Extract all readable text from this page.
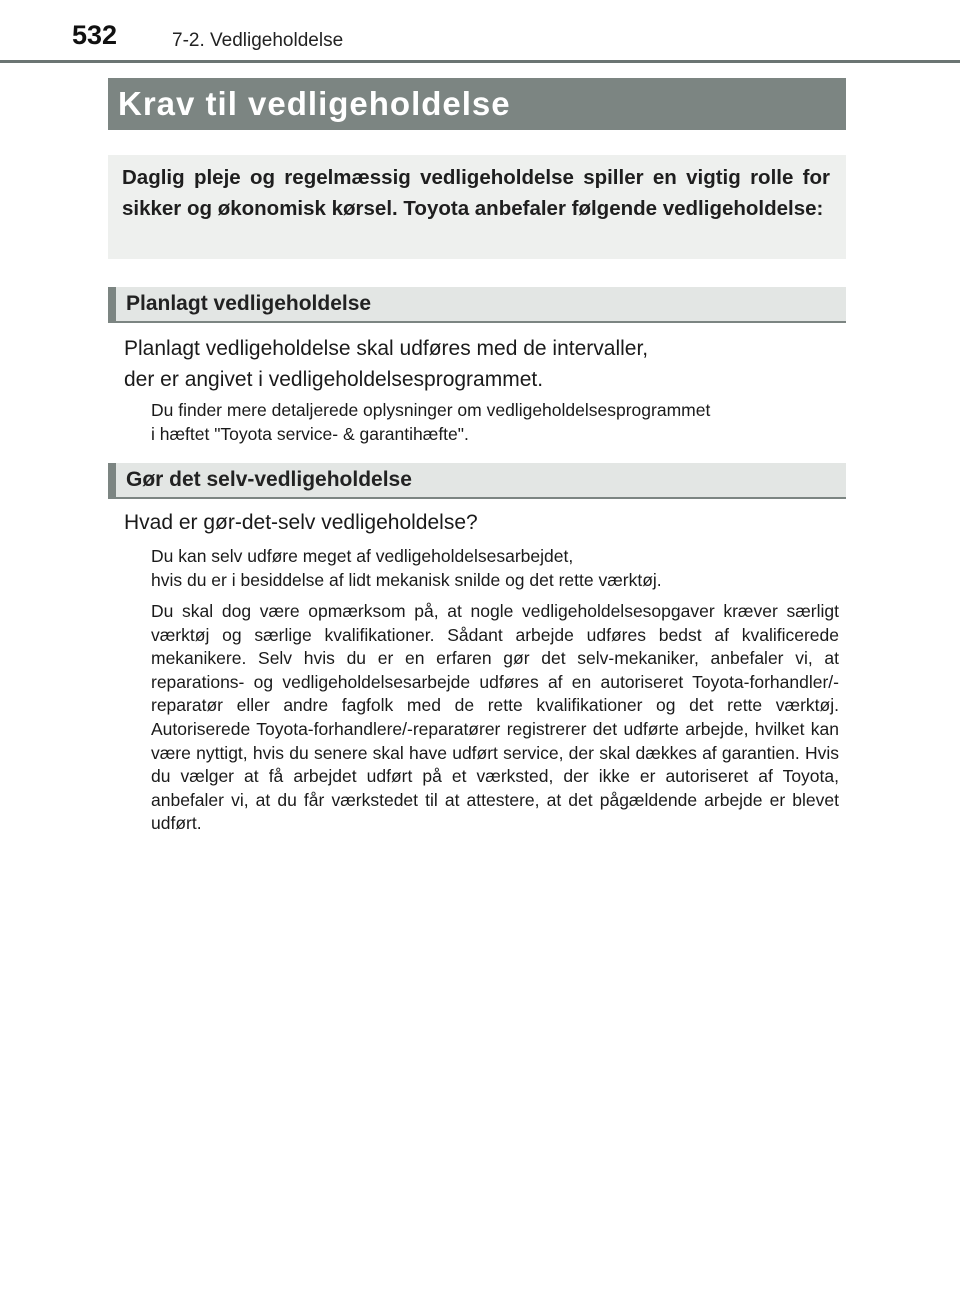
532	7-2. Vedligeholdelse
Krav til vedligeholdelse

Daglig pleje og regelmæssig vedligeholdelse spiller en vigtig rolle for sikker og økonomisk kørsel. Toyota anbefaler følgende vedligeholdelse:

Planlagt vedligeholdelse

Planlagt vedligeholdelse skal udføres med de intervaller,
der er angivet i vedligeholdelsesprogrammet.

Du finder mere detaljerede oplysninger om vedligeholdelsesprogrammet
i hæftet "Toyota service- & garantihæfte".

Gør det selv-vedligeholdelse

Hvad er gør-det-selv vedligeholdelse?

Du kan selv udføre meget af vedligeholdelsesarbejdet,
hvis du er i besiddelse af lidt mekanisk snilde og det rette værktøj.

Du skal dog være opmærksom på, at nogle vedligeholdelsesopgaver kræver særligt værktøj og særlige kvalifikationer. Sådant arbejde udføres bedst af kvalificerede mekanikere. Selv hvis du er en erfaren gør det selv-mekaniker, anbefaler vi, at reparations- og vedligeholdelsesarbejde udføres af en autoriseret Toyota-forhandler/-reparatør eller andre fagfolk med de rette kvalifikationer og det rette værktøj. Autoriserede Toyota-forhandlere/-reparatører registrerer det udførte arbejde, hvilket kan være nyttigt, hvis du senere skal have udført service, der skal dækkes af garantien. Hvis du vælger at få arbejdet udført på et værksted, der ikke er autoriseret af Toyota, anbefaler vi, at du får værkstedet til at attestere, at det pågældende arbejde er blevet udført.
